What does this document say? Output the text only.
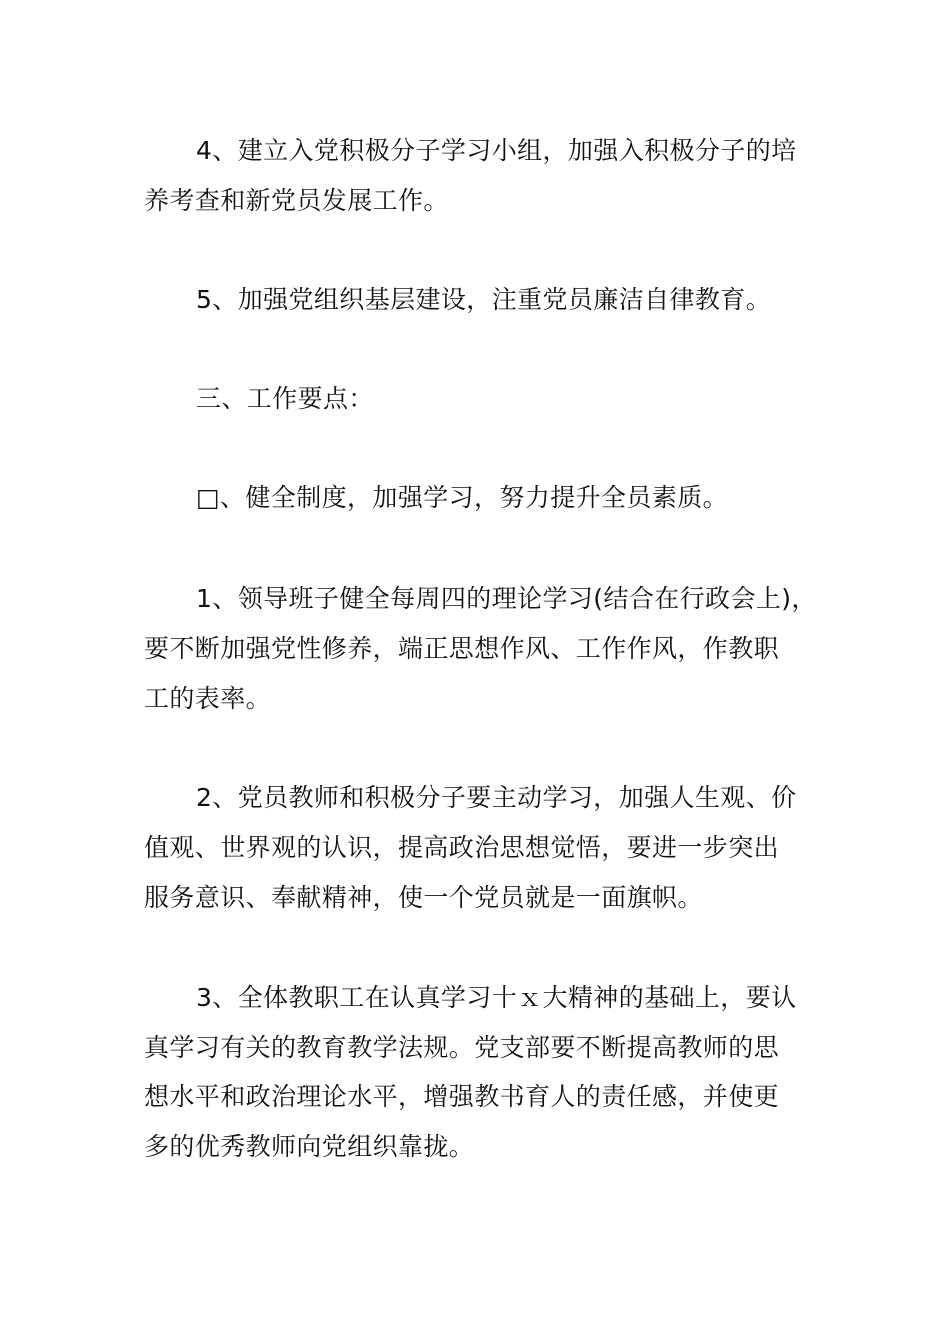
4、建立入党积极分子学习小组，加强入积极分子的培
养考查和新党员发展工作。
5、加强党组织基层建设，注重党员廉洁自律教育。
三、工作要点：
□、健全制度，加强学习，努力提升全员素质。
1、领导班子健全每周四的理论学习(结合在行政会上)，
要不断加强党性修养，端正思想作风、工作作风，作教职
工的表率。
2、党员教师和积极分子要主动学习，加强人生观、价
值观、世界观的认识，提高政治思想觉悟，要进一步突出
服务意识、奉献精神，使一个党员就是一面旗帜。
3、全体教职工在认真学习十ｘ大精神的基础上，要认
真学习有关的教育教学法规。党支部要不断提高教师的思
想水平和政治理论水平，增强教书育人的责任感，并使更
多的优秀教师向党组织靠拢。
